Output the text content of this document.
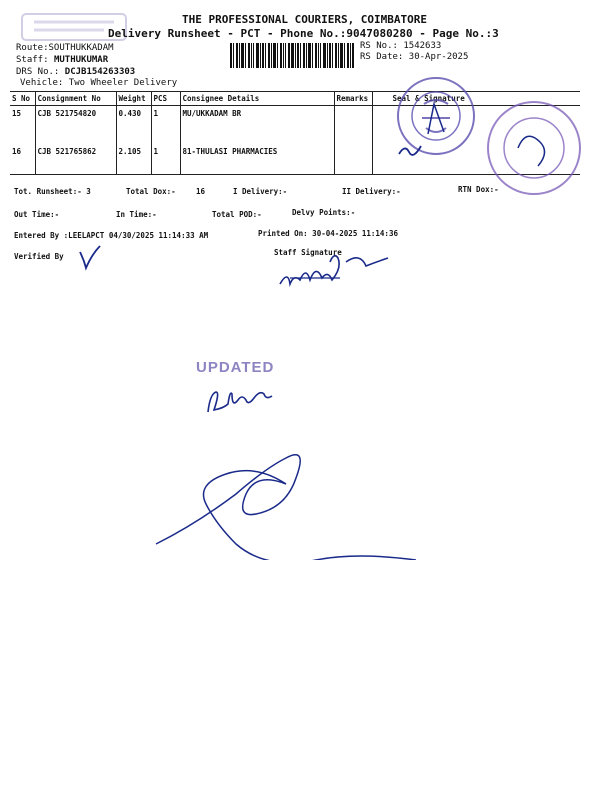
THE PROFESSIONAL COURIERS, COIMBATORE
Delivery Runsheet - PCT - Phone No.:9047080280 - Page No.:3
Route:SOUTHUKKADAM
Staff: MUTHUKUMAR
DRS No.: DCJB154263303
Vehicle: Two Wheeler Delivery
RS No.: 1542633
RS Date: 30-Apr-2025
S No	Consignment No	Weight	PCS	Consignee Details	Remarks	Seal & Signature
15	CJB 521754820	0.430	1	MU/UKKADAM BR		
16	CJB 521765862	2.105	1	81-THULASI PHARMACIES		
Tot. Runsheet:- 3	Total Dox:-	16	I Delivery:-	II Delivery:-	RTN Dox:-
Out Time:-	In Time:-	Total POD:-	Delvy Points:-
Entered By :LEELAPCT 04/30/2025 11:14:33 AM	Printed On: 30-04-2025 11:14:36
Verified By	Staff Signature
UPDATED
